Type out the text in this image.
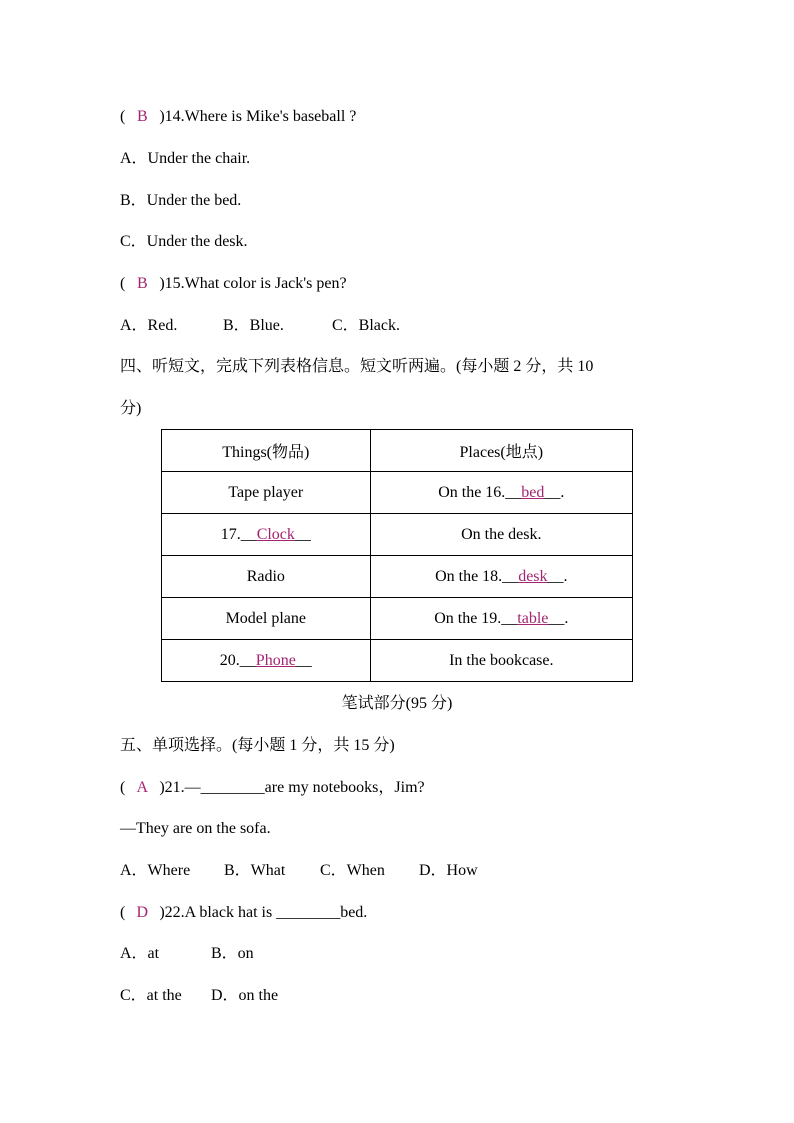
( B )14.Where is Mike's baseball ?
A．Under the chair.
B．Under the bed.
C．Under the desk.
( B )15.What color is Jack's pen?
A．Red.	B．Blue.	C．Black.
四、听短文，完成下列表格信息。短文听两遍。(每小题 2 分，共 10
分)
Things(物品)	Places(地点)
Tape player	On the 16.__bed__.
17.__Clock__	On the desk.
Radio	On the 18.__desk__.
Model plane	On the 19.__table__.
20.__Phone__	In the bookcase.
笔试部分(95 分)
五、单项选择。(每小题 1 分，共 15 分)
( A )21.—________are my notebooks，Jim?
—They are on the sofa.
A．Where B．What C．When D．How
( D )22.A black hat is ________bed.
A．at	B．on
C．at the D．on the
